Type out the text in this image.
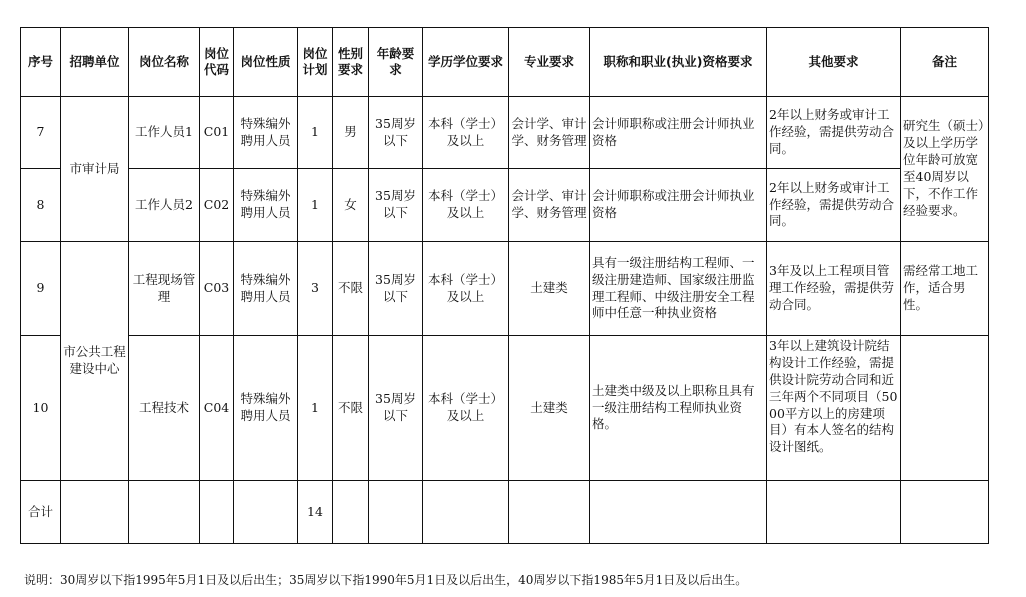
序号	招聘单位	岗位名称	岗位代码	岗位性质	岗位计划	性别要求	年龄要求	学历学位要求	专业要求	职称和职业(执业)资格要求	其他要求	备注
7	市审计局	工作人员1	C01	特殊编外聘用人员	1	男	35周岁以下	本科（学士）及以上	会计学、审计学、财务管理	会计师职称或注册会计师执业资格	2年以上财务或审计工作经验，需提供劳动合同。	研究生（硕士）及以上学历学位年龄可放宽至40周岁以下，不作工作经验要求。
8		工作人员2	C02	特殊编外聘用人员	1	女	35周岁以下	本科（学士）及以上	会计学、审计学、财务管理	会计师职称或注册会计师执业资格	2年以上财务或审计工作经验，需提供劳动合同。	
9	市公共工程建设中心	工程现场管理	C03	特殊编外聘用人员	3	不限	35周岁以下	本科（学士）及以上	土建类	具有一级注册结构工程师、一级注册建造师、国家级注册监理工程师、中级注册安全工程师中任意一种执业资格	3年及以上工程项目管理工作经验，需提供劳动合同。	需经常工地工作，适合男性。
10		工程技术	C04	特殊编外聘用人员	1	不限	35周岁以下	本科（学士）及以上	土建类	土建类中级及以上职称且具有一级注册结构工程师执业资格。	3年以上建筑设计院结构设计工作经验，需提供设计院劳动合同和近三年两个不同项目（5000平方以上的房建项目）有本人签名的结构设计图纸。	
合计					14							
说明：30周岁以下指1995年5月1日及以后出生；35周岁以下指1990年5月1日及以后出生，40周岁以下指1985年5月1日及以后出生。
